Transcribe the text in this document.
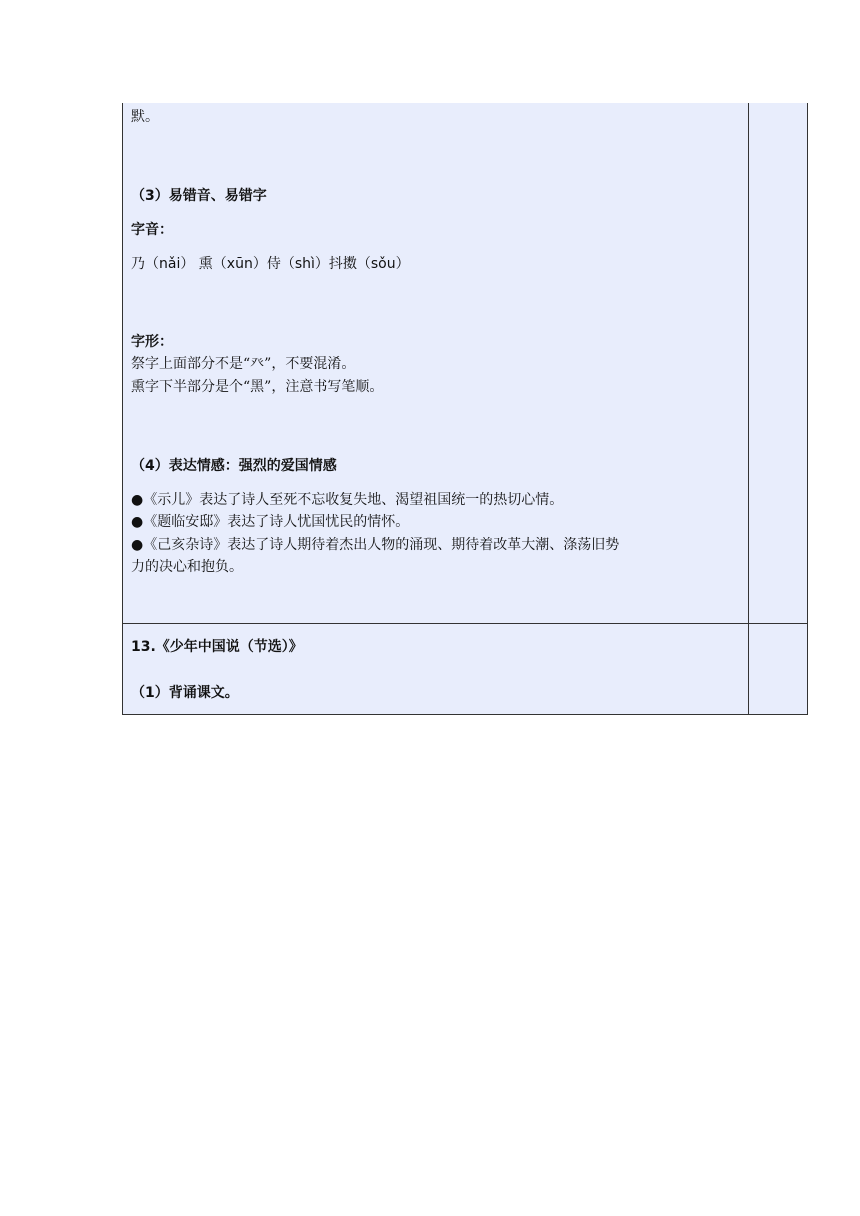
默。
（3）易错音、易错字
字音：
乃（nǎi） 熏（xūn）侍（shì）抖擞（sǒu）
字形：
祭字上面部分不是“癶”，不要混淆。
熏字下半部分是个“黑”，注意书写笔顺。
（4）表达情感：强烈的爱国情感
●《示儿》表达了诗人至死不忘收复失地、渴望祖国统一的热切心情。
●《题临安邸》表达了诗人忧国忧民的情怀。
●《己亥杂诗》表达了诗人期待着杰出人物的涌现、期待着改革大潮、涤荡旧势
力的决心和抱负。
13.《少年中国说（节选）》
（1）背诵课文。
